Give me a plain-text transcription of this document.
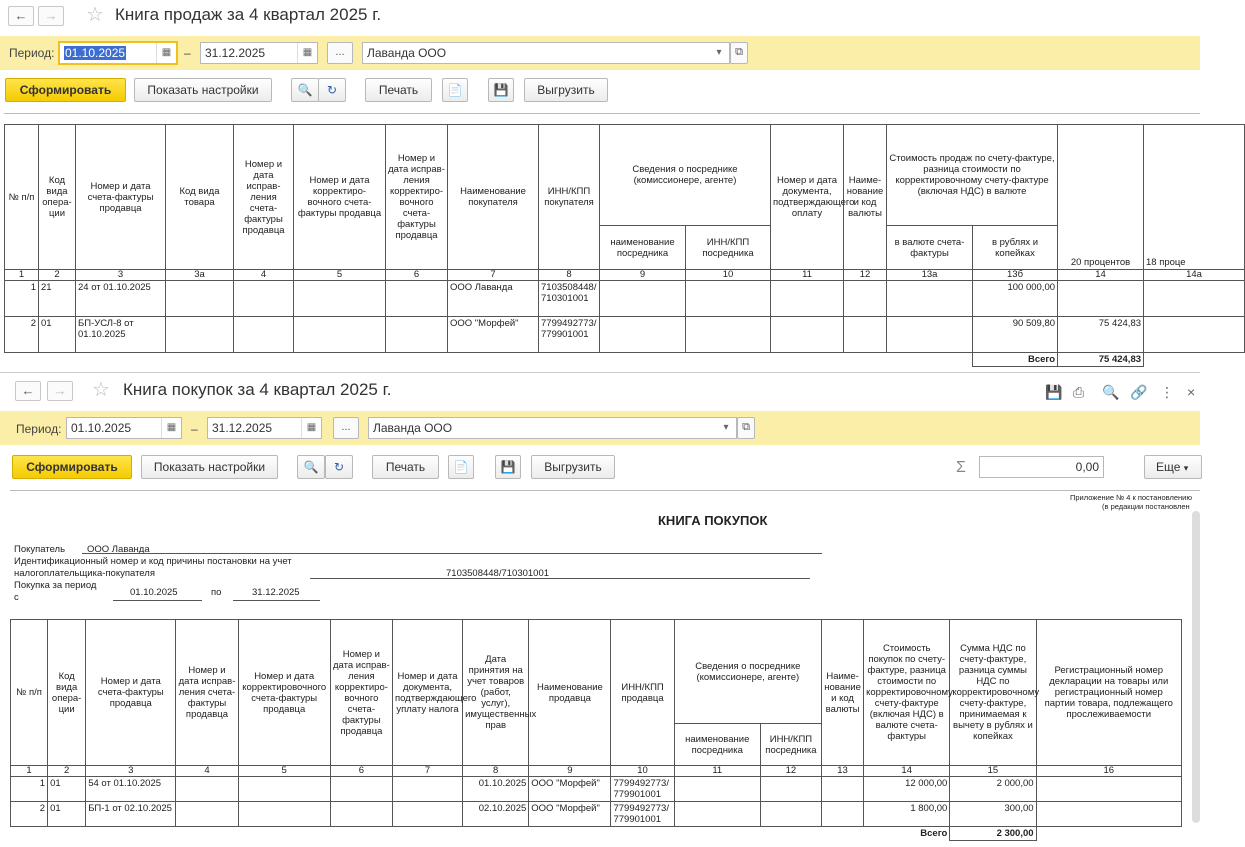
←	→	☆ Книга продаж за 4 квартал 2025 г.
Период: 01.10.2025	▦	–	31.12.2025	▦	...	Лаванда ООО	▾	⧉
Сформировать	Показать настройки	🔍	↻	Печать	📄	💾	Выгрузить
№ п/п	Код вида опера-ции	Номер и дата счета-фактуры продавца	Код вида товара	Номер и дата исправ-ления счета-фактуры продавца	Номер и дата корректиро-вочного счета-фактуры продавца	Номер и дата исправ-ления корректиро-вочного счета-фактуры продавца	Наименование покупателя	ИНН/КПП покупателя	Сведения о посреднике (комиссионере, агенте)		Номер и дата документа, подтверждающего оплату	Наиме-нование и код валюты	Стоимость продаж по счету-фактуре, разница стоимости по корректировочному счету-фактуре (включая НДС) в валюте		20 процентов	18 проце
									наименование посредника	ИНН/КПП посредника			в валюте счета-фактуры	в рублях и копейках		
1	2	3	3а	4	5	6	7	8	9	10	11	12	13а	13б	14	14а
1	21	24 от 01.10.2025					ООО Лаванда	7103508448/710301001						100 000,00		
2	01	БП-УСЛ-8 от 01.10.2025					ООО "Морфей"	7799492773/779901001						90 509,80	75 424,83	
														Всего	75 424,83	
←	→	☆ Книга покупок за 4 квартал 2025 г.	💾 ⎙ 🔍 🔗 ⋮ ×
Период: 01.10.2025	▦	–	31.12.2025	▦	...	Лаванда ООО	▾	⧉
Сформировать	Показать настройки	🔍	↻	Печать	📄	💾	Выгрузить	Σ	0,00	Еще ▾
Приложение № 4 к постановлению
(в редакции постановлен
КНИГА ПОКУПОК
Покупатель ООО Лаванда
Идентификационный номер и код причины постановки на учет
налогоплательщика-покупателя	7103508448/710301001
Покупка за период
с	01.10.2025	по	31.12.2025
№ п/п	Код вида опера-ции	Номер и дата счета-фактуры продавца	Номер и дата исправ-ления счета-фактуры продавца	Номер и дата корректировочного счета-фактуры продавца	Номер и дата исправ-ления корректиро-вочного счета-фактуры продавца	Номер и дата документа, подтверждающего уплату налога	Дата принятия на учет товаров (работ, услуг), имущественных прав	Наименование продавца	ИНН/КПП продавца	Сведения о посреднике (комиссионере, агенте)		Наиме-нование и код валюты	Стоимость покупок по счету-фактуре, разница стоимости по корректировочному счету-фактуре (включая НДС) в валюте счета-фактуры	Сумма НДС по счету-фактуре, разница суммы НДС по корректировочному счету-фактуре, принимаемая к вычету в рублях и копейках	Регистрационный номер декларации на товары или регистрационный номер партии товара, подлежащего прослеживаемости
										наименование посредника	ИНН/КПП посредника				
1	2	3	4	5	6	7	8	9	10	11	12	13	14	15	16
1	01	54 от 01.10.2025					01.10.2025	ООО "Морфей"	7799492773/779901001				12 000,00	2 000,00	
2	01	БП-1 от 02.10.2025					02.10.2025	ООО "Морфей"	7799492773/779901001				1 800,00	300,00	
													Всего	2 300,00	
